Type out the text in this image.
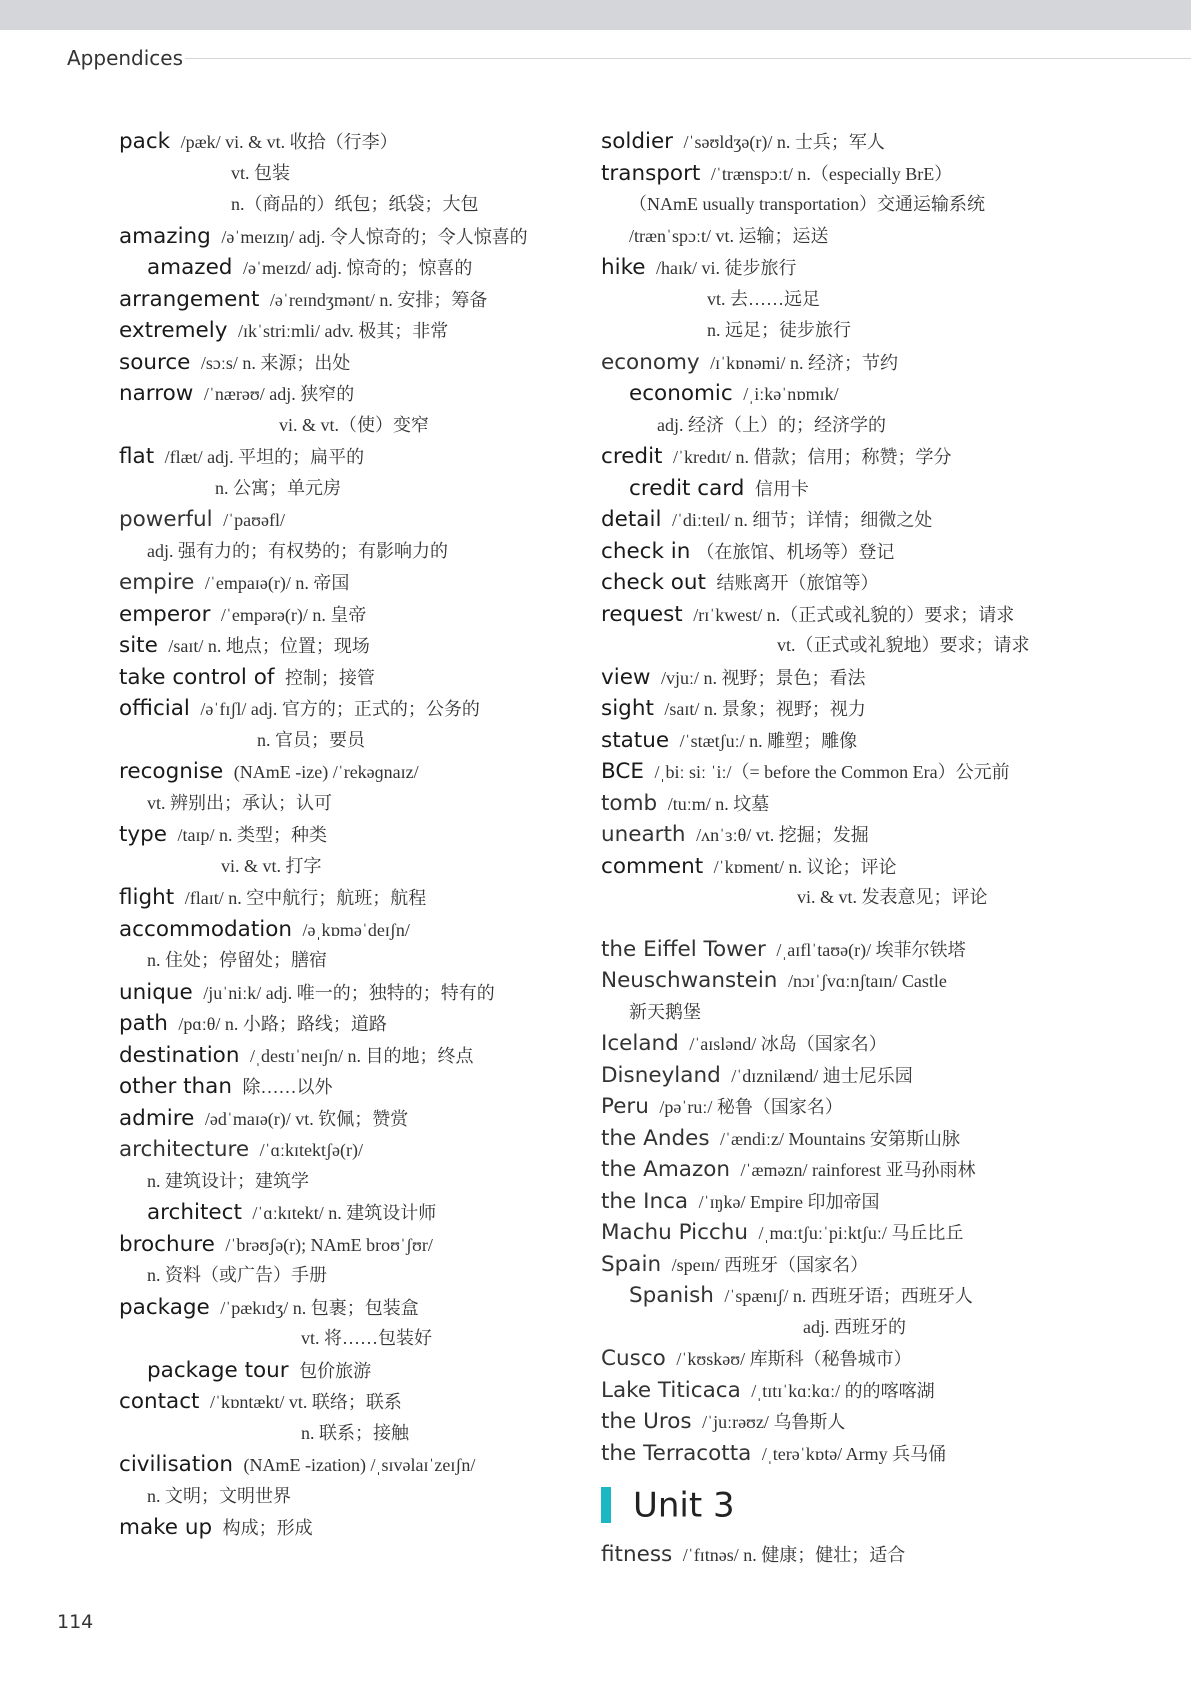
Appendices
pack /pæk/ vi. & vt. 收拾（行李）
vt. 包装
n.（商品的）纸包；纸袋；大包
amazing /əˈmeɪzɪŋ/ adj. 令人惊奇的；令人惊喜的
amazed /əˈmeɪzd/ adj. 惊奇的；惊喜的
arrangement /əˈreɪndʒmənt/ n. 安排；筹备
extremely /ɪkˈstriːmli/ adv. 极其；非常
source /sɔːs/ n. 来源；出处
narrow /ˈnærəʊ/ adj. 狭窄的
vi. & vt.（使）变窄
flat /flæt/ adj. 平坦的；扁平的
n. 公寓；单元房
powerful /ˈpaʊəfl/
adj. 强有力的；有权势的；有影响力的
empire /ˈempaɪə(r)/ n. 帝国
emperor /ˈempərə(r)/ n. 皇帝
site /saɪt/ n. 地点；位置；现场
take control of 控制；接管
official /əˈfɪʃl/ adj. 官方的；正式的；公务的
n. 官员；要员
recognise (NAmE -ize) /ˈrekəɡnaɪz/
vt. 辨别出；承认；认可
type /taɪp/ n. 类型；种类
vi. & vt. 打字
flight /flaɪt/ n. 空中航行；航班；航程
accommodation /əˌkɒməˈdeɪʃn/
n. 住处；停留处；膳宿
unique /juˈniːk/ adj. 唯一的；独特的；特有的
path /pɑːθ/ n. 小路；路线；道路
destination /ˌdestɪˈneɪʃn/ n. 目的地；终点
other than 除……以外
admire /ədˈmaɪə(r)/ vt. 钦佩；赞赏
architecture /ˈɑːkɪtektʃə(r)/
n. 建筑设计；建筑学
architect /ˈɑːkɪtekt/ n. 建筑设计师
brochure /ˈbrəʊʃə(r); NAmE broʊˈʃʊr/
n. 资料（或广告）手册
package /ˈpækɪdʒ/ n. 包裹；包装盒
vt. 将……包装好
package tour 包价旅游
contact /ˈkɒntækt/ vt. 联络；联系
n. 联系；接触
civilisation (NAmE -ization) /ˌsɪvəlaɪˈzeɪʃn/
n. 文明；文明世界
make up 构成；形成
soldier /ˈsəʊldʒə(r)/ n. 士兵；军人
transport /ˈtrænspɔːt/ n.（especially BrE）
（NAmE usually transportation）交通运输系统
/trænˈspɔːt/ vt. 运输；运送
hike /haɪk/ vi. 徒步旅行
vt. 去……远足
n. 远足；徒步旅行
economy /ɪˈkɒnəmi/ n. 经济；节约
economic /ˌiːkəˈnɒmɪk/
adj. 经济（上）的；经济学的
credit /ˈkredɪt/ n. 借款；信用；称赞；学分
credit card 信用卡
detail /ˈdiːteɪl/ n. 细节；详情；细微之处
check in （在旅馆、机场等）登记
check out 结账离开（旅馆等）
request /rɪˈkwest/ n.（正式或礼貌的）要求；请求
vt.（正式或礼貌地）要求；请求
view /vjuː/ n. 视野；景色；看法
sight /saɪt/ n. 景象；视野；视力
statue /ˈstætʃuː/ n. 雕塑；雕像
BCE /ˌbiː siː ˈiː/（= before the Common Era）公元前
tomb /tuːm/ n. 坟墓
unearth /ʌnˈɜːθ/ vt. 挖掘；发掘
comment /ˈkɒment/ n. 议论；评论
vi. & vt. 发表意见；评论
the Eiffel Tower /ˌaɪflˈtaʊə(r)/ 埃菲尔铁塔
Neuschwanstein /nɔɪˈʃvɑːnʃtaɪn/ Castle
新天鹅堡
Iceland /ˈaɪslənd/ 冰岛（国家名）
Disneyland /ˈdɪznilænd/ 迪士尼乐园
Peru /pəˈruː/ 秘鲁（国家名）
the Andes /ˈændiːz/ Mountains 安第斯山脉
the Amazon /ˈæməzn/ rainforest 亚马孙雨林
the Inca /ˈɪŋkə/ Empire 印加帝国
Machu Picchu /ˌmɑːtʃuːˈpiːktʃuː/ 马丘比丘
Spain /speɪn/ 西班牙（国家名）
Spanish /ˈspænɪʃ/ n. 西班牙语；西班牙人
adj. 西班牙的
Cusco /ˈkʊskəʊ/ 库斯科（秘鲁城市）
Lake Titicaca /ˌtɪtɪˈkɑːkɑː/ 的的喀喀湖
the Uros /ˈjuːrəʊz/ 乌鲁斯人
the Terracotta /ˌterəˈkɒtə/ Army 兵马俑
Unit 3
fitness /ˈfɪtnəs/ n. 健康；健壮；适合
114
